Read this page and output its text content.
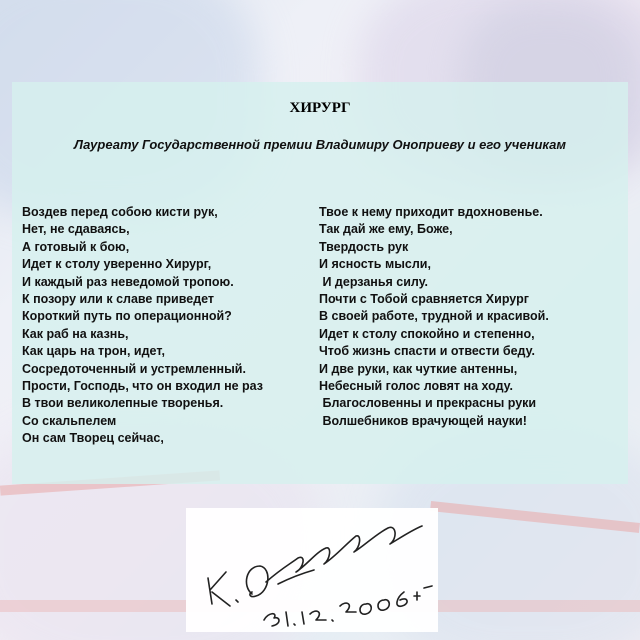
ХИРУРГ
Лауреату Государственной премии Владимиру Оноприеву и его ученикам
Воздев перед собою кисти рук,
Нет, не сдаваясь,
А готовый к бою,
Идет к столу уверенно Хирург,
И каждый раз неведомой тропою.
К позору или к славе приведет
Короткий путь по операционной?
Как раб на казнь,
Как царь на трон, идет,
Сосредоточенный и устремленный.
Прости, Господь, что он входил не раз
В твои великолепные творенья.
Со скальпелем
Он сам Творец сейчас,
Твое к нему приходит вдохновенье.
Так дай же ему, Боже,
Твердость рук
И ясность мысли,
И дерзанья силу.
Почти с Тобой сравняется Хирург
В своей работе, трудной и красивой.
Идет к столу спокойно и степенно,
Чтоб жизнь спасти и отвести беду.
И две руки, как чуткие антенны,
Небесный голос ловят на ходу.
Благословенны и прекрасны руки
Волшебников врачующей науки!
